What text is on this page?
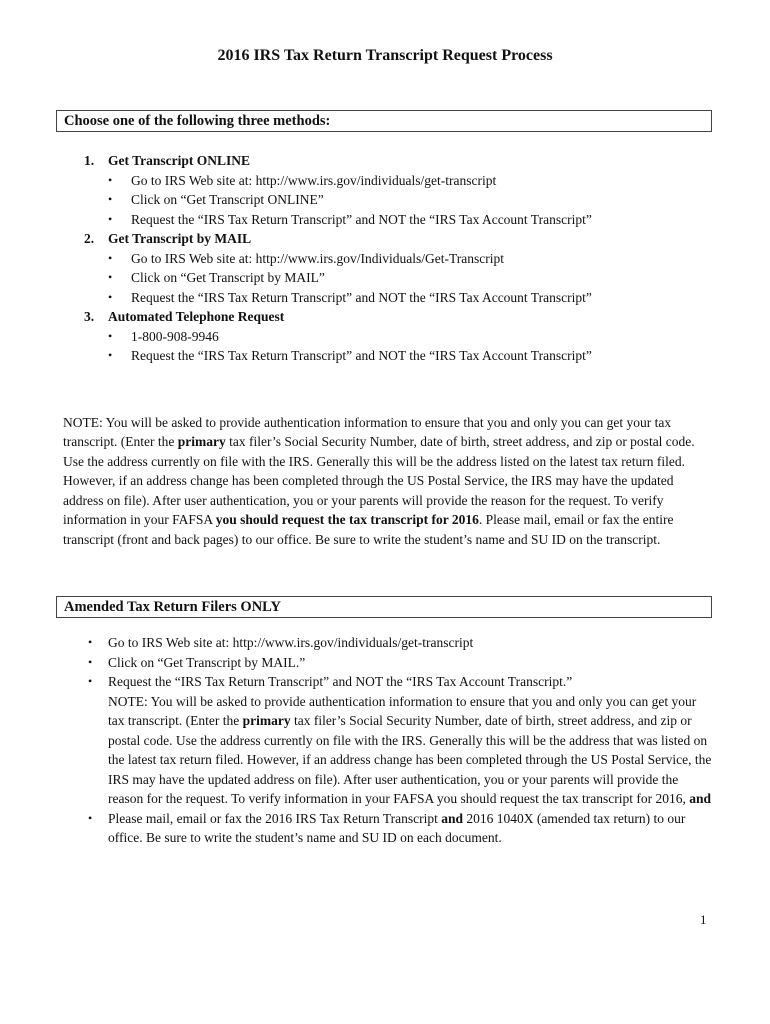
2016 IRS Tax Return Transcript Request Process
Choose one of the following three methods:
1. Get Transcript ONLINE
• Go to IRS Web site at: http://www.irs.gov/individuals/get-transcript
• Click on “Get Transcript ONLINE”
• Request the “IRS Tax Return Transcript” and NOT the “IRS Tax Account Transcript”
2. Get Transcript by MAIL
• Go to IRS Web site at: http://www.irs.gov/Individuals/Get-Transcript
• Click on “Get Transcript by MAIL”
• Request the “IRS Tax Return Transcript” and NOT the “IRS Tax Account Transcript”
3. Automated Telephone Request
• 1-800-908-9946
• Request the “IRS Tax Return Transcript” and NOT the “IRS Tax Account Transcript”

NOTE: You will be asked to provide authentication information to ensure that you and only you can get your tax transcript. (Enter the primary tax filer’s Social Security Number, date of birth, street address, and zip or postal code. Use the address currently on file with the IRS. Generally this will be the address listed on the latest tax return filed. However, if an address change has been completed through the US Postal Service, the IRS may have the updated address on file). After user authentication, you or your parents will provide the reason for the request. To verify information in your FAFSA you should request the tax transcript for 2016. Please mail, email or fax the entire transcript (front and back pages) to our office. Be sure to write the student’s name and SU ID on the transcript.

Amended Tax Return Filers ONLY
• Go to IRS Web site at: http://www.irs.gov/individuals/get-transcript
• Click on “Get Transcript by MAIL.”
• Request the “IRS Tax Return Transcript” and NOT the “IRS Tax Account Transcript.”
NOTE: You will be asked to provide authentication information to ensure that you and only you can get your tax transcript. (Enter the primary tax filer’s Social Security Number, date of birth, street address, and zip or postal code. Use the address currently on file with the IRS. Generally this will be the address that was listed on the latest tax return filed. However, if an address change has been completed through the US Postal Service, the IRS may have the updated address on file). After user authentication, you or your parents will provide the reason for the request. To verify information in your FAFSA you should request the tax transcript for 2016, and
• Please mail, email or fax the 2016 IRS Tax Return Transcript and 2016 1040X (amended tax return) to our office. Be sure to write the student’s name and SU ID on each document.
1
